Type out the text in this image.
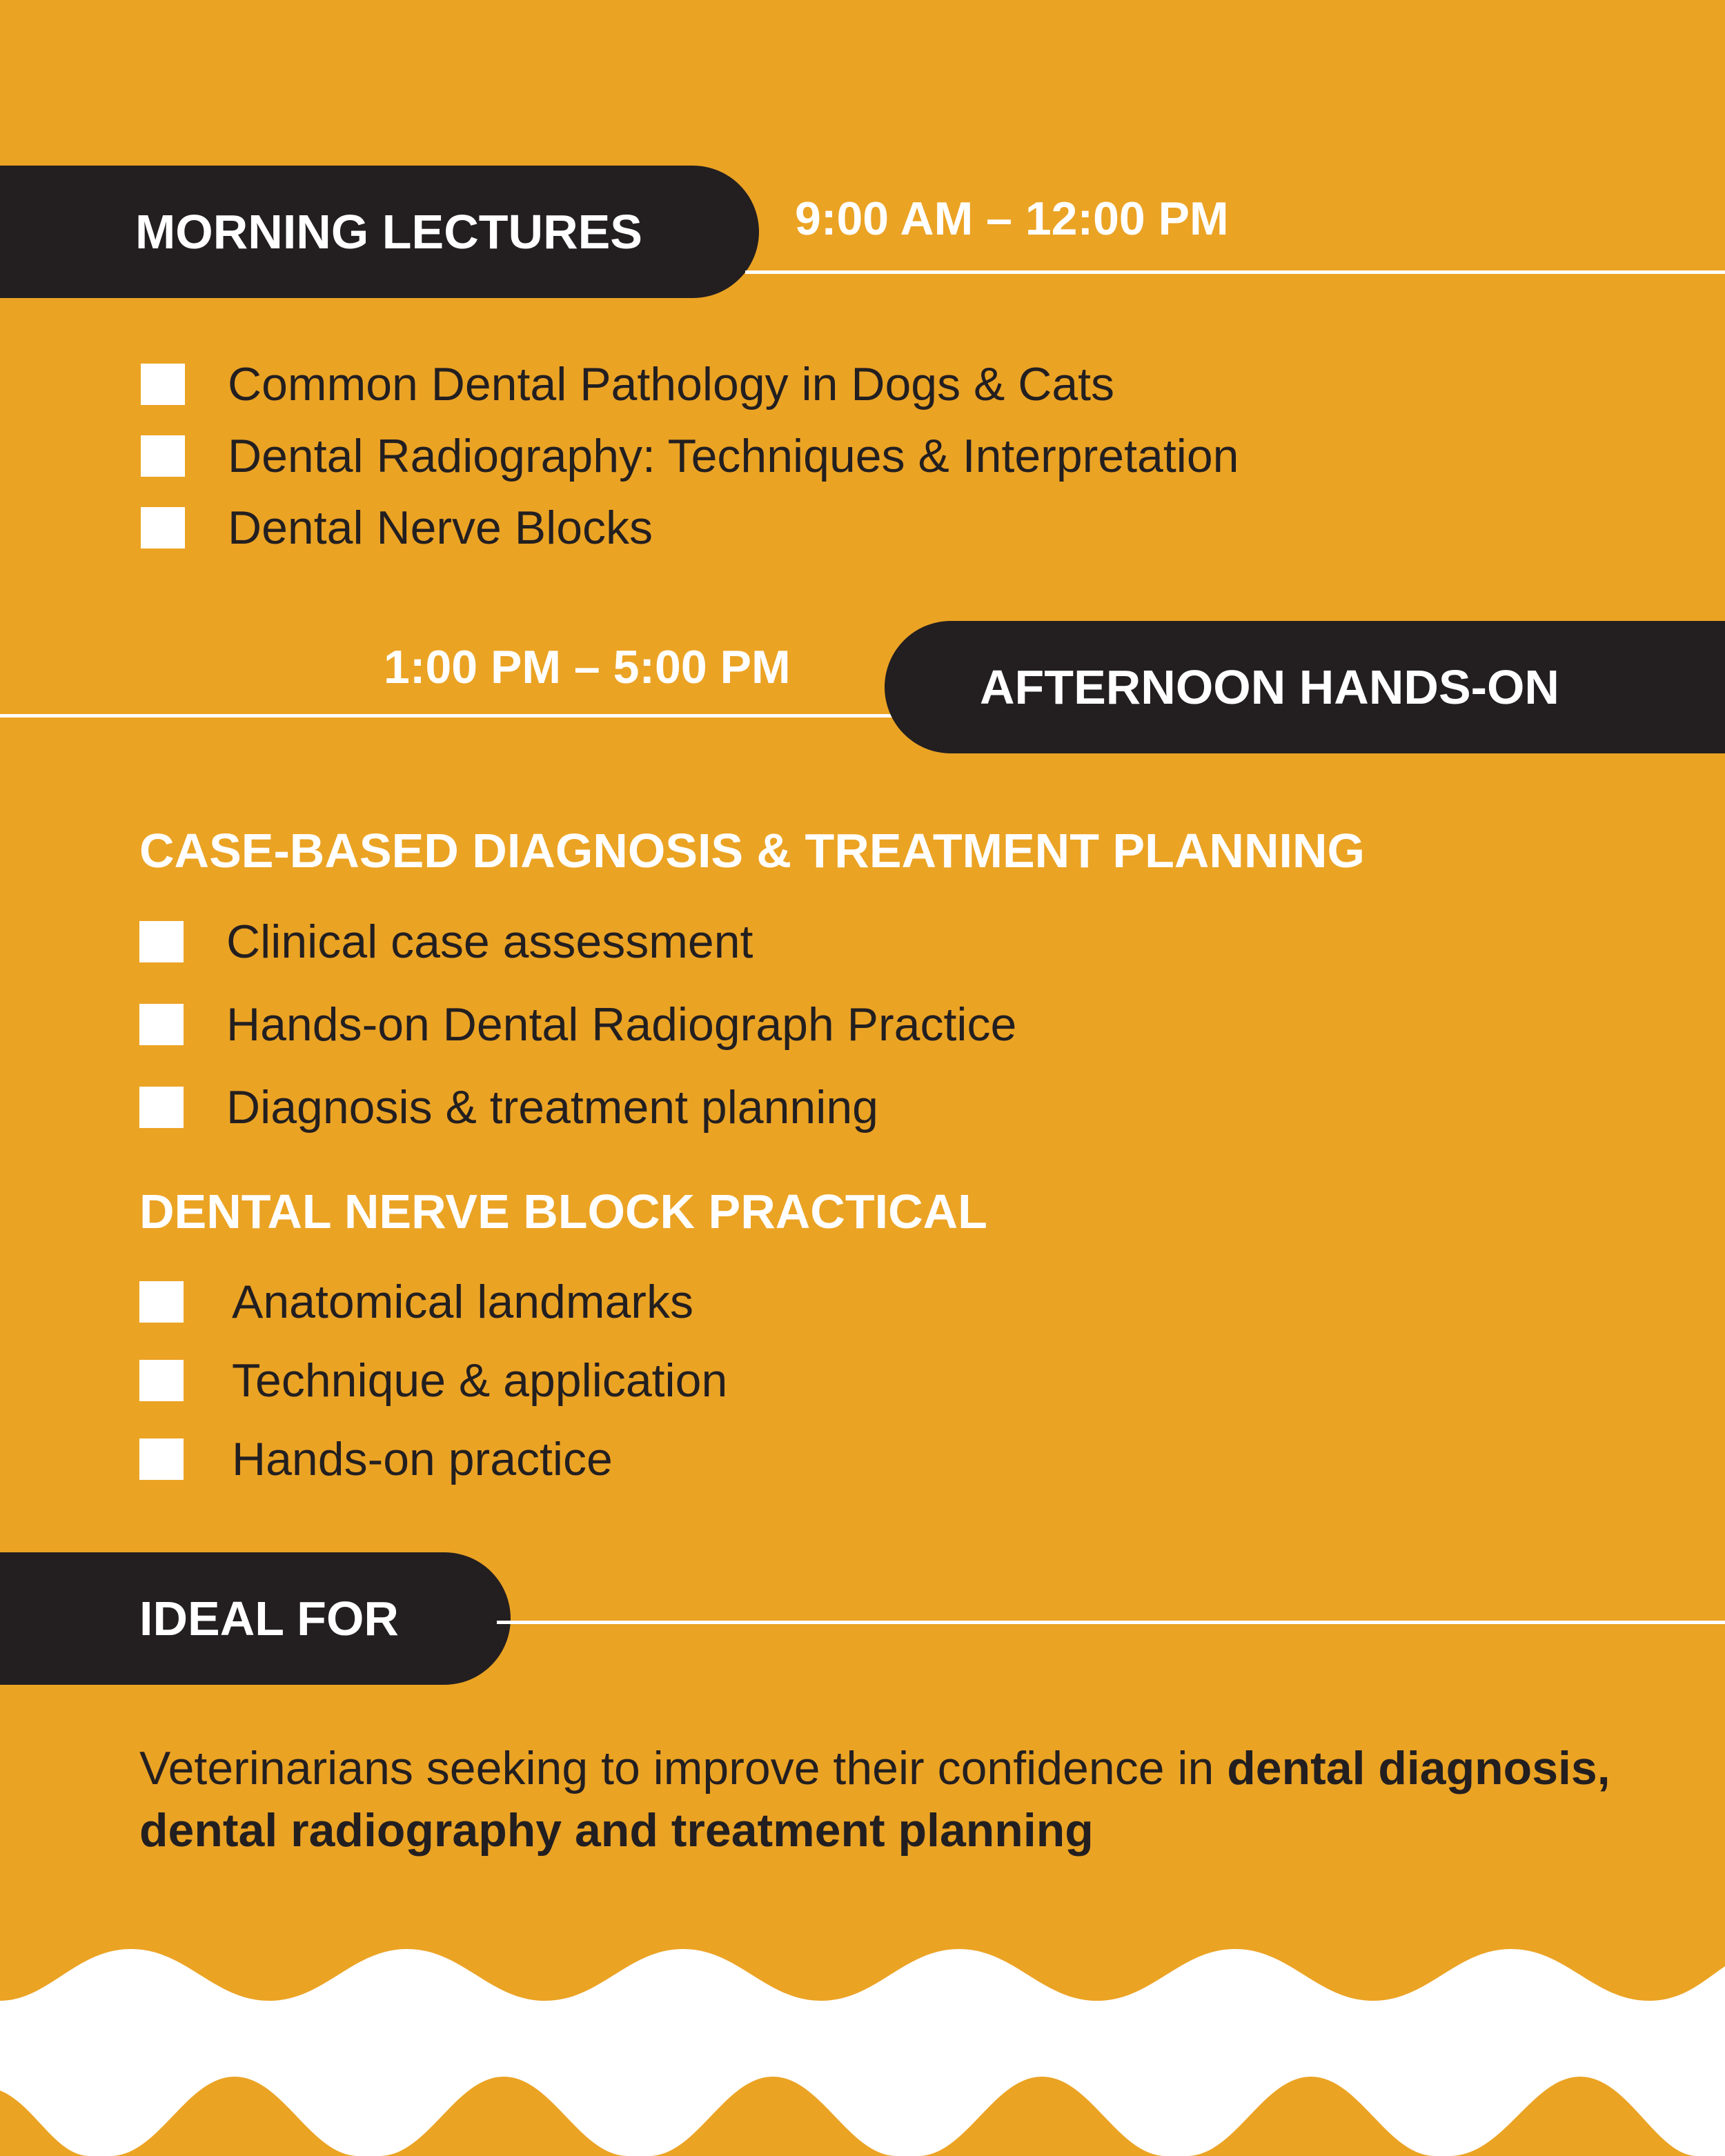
MORNING LECTURES	9:00 AM – 12:00 PM
Common Dental Pathology in Dogs & Cats
Dental Radiography: Techniques & Interpretation
Dental Nerve Blocks
1:00 PM – 5:00 PM	AFTERNOON HANDS-ON
CASE-BASED DIAGNOSIS & TREATMENT PLANNING
Clinical case assessment
Hands-on Dental Radiograph Practice
Diagnosis & treatment planning
DENTAL NERVE BLOCK PRACTICAL
Anatomical landmarks
Technique & application
Hands-on practice
IDEAL FOR
Veterinarians seeking to improve their confidence in dental diagnosis, dental radiography and treatment planning
